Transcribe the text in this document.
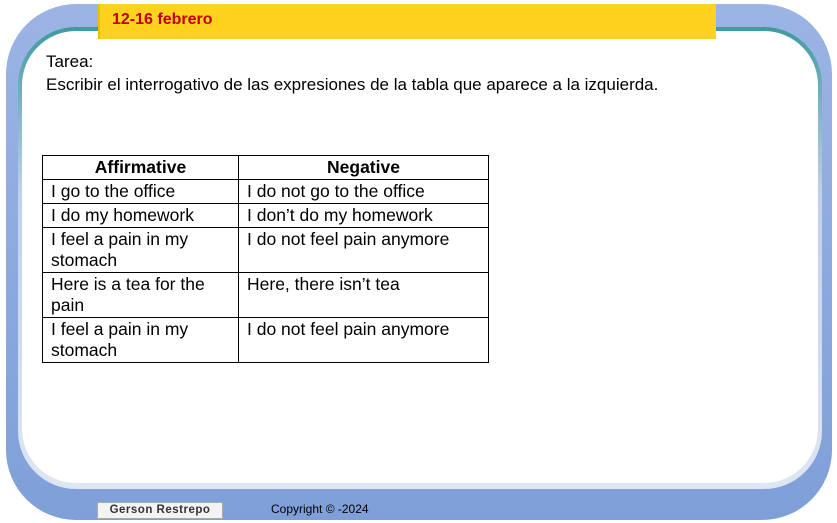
12-16 febrero
Tarea:
Escribir el interrogativo de las expresiones de la tabla que aparece a la izquierda.
Affirmative	Negative
I go to the office	I do not go to the office
I do my homework	I don’t do my homework
I feel a pain in my stomach	I do not feel pain anymore
Here is a tea for the pain	Here, there isn’t tea
I feel a pain in my stomach	I do not feel pain anymore
Gerson Restrepo	Copyright © -2024
